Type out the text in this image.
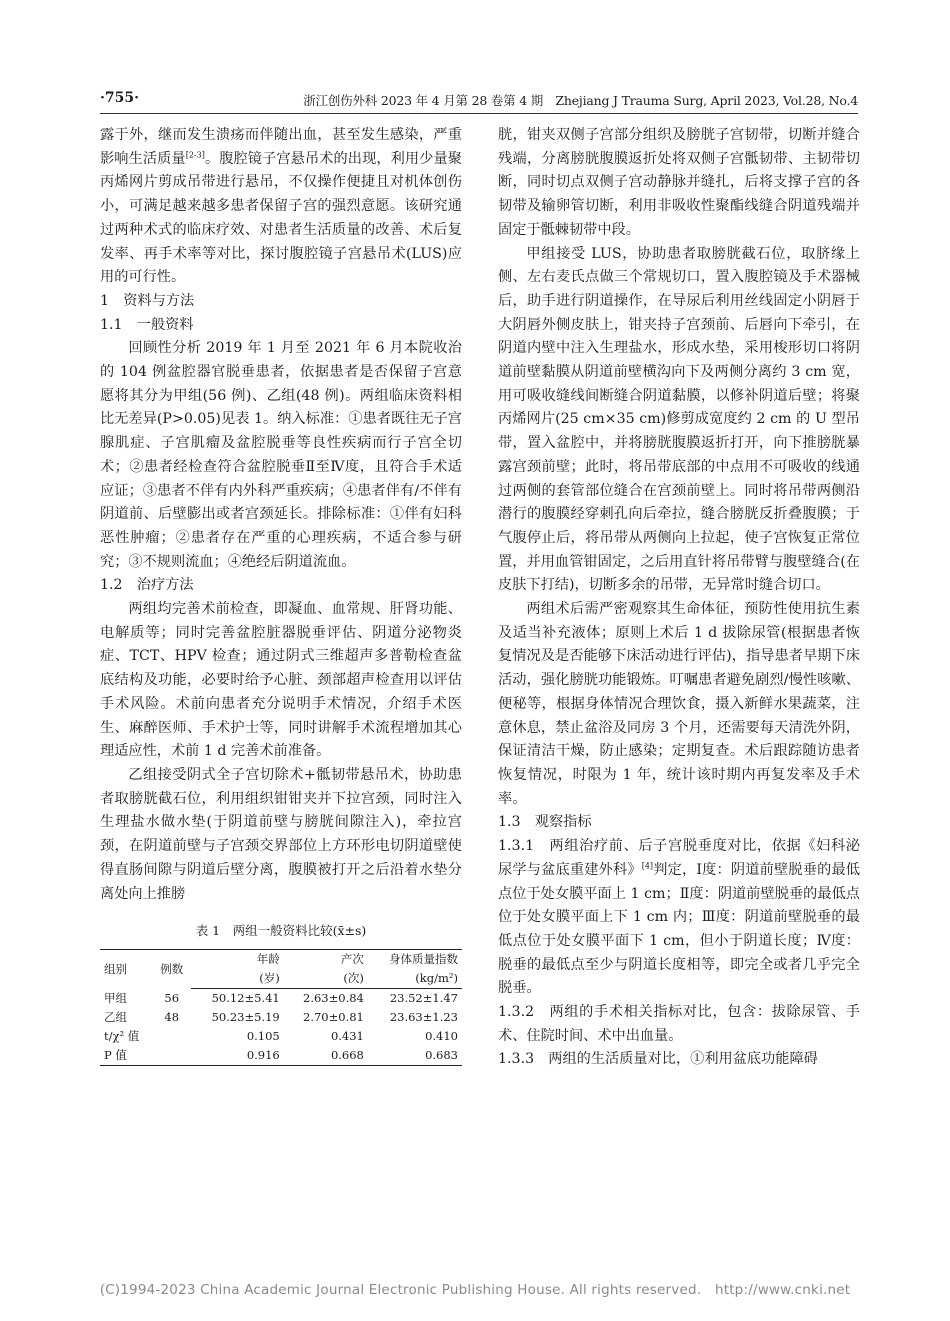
·755·	浙江创伤外科 2023 年 4 月第 28 卷第 4 期　Zhejiang J Trauma Surg, April 2023, Vol.28, No.4

露于外，继而发生溃疡而伴随出血，甚至发生感染，严重影响生活质量[2-3]。腹腔镜子宫悬吊术的出现，利用少量聚丙烯网片剪成吊带进行悬吊，不仅操作便捷且对机体创伤小，可满足越来越多患者保留子宫的强烈意愿。该研究通过两种术式的临床疗效、对患者生活质量的改善、术后复发率、再手术率等对比，探讨腹腔镜子宫悬吊术(LUS)应用的可行性。

1　资料与方法

1.1　一般资料

回顾性分析 2019 年 1 月至 2021 年 6 月本院收治的 104 例盆腔器官脱垂患者，依据患者是否保留子宫意愿将其分为甲组(56 例)、乙组(48 例)。两组临床资料相比无差异(P>0.05)见表 1。纳入标准：①患者既往无子宫腺肌症、子宫肌瘤及盆腔脱垂等良性疾病而行子宫全切术；②患者经检查符合盆腔脱垂Ⅱ至Ⅳ度，且符合手术适应证；③患者不伴有内外科严重疾病；④患者伴有/不伴有阴道前、后壁膨出或者宫颈延长。排除标准：①伴有妇科恶性肿瘤；②患者存在严重的心理疾病，不适合参与研究；③不规则流血；④绝经后阴道流血。

1.2　治疗方法

两组均完善术前检查，即凝血、血常规、肝肾功能、电解质等；同时完善盆腔脏器脱垂评估、阴道分泌物炎症、TCT、HPV 检查；通过阴式三维超声多普勒检查盆底结构及功能，必要时给予心脏、颈部超声检查用以评估手术风险。术前向患者充分说明手术情况，介绍手术医生、麻醉医师、手术护士等，同时讲解手术流程增加其心理适应性，术前 1 d 完善术前准备。

乙组接受阴式全子宫切除术+骶韧带悬吊术，协助患者取膀胱截石位，利用组织钳钳夹并下拉宫颈，同时注入生理盐水做水垫(于阴道前壁与膀胱间隙注入)，牵拉宫颈，在阴道前壁与子宫颈交界部位上方环形电切阴道壁使得直肠间隙与阴道后壁分离，腹膜被打开之后沿着水垫分离处向上推膀

表 1　两组一般资料比较(x̄±s)
组别	例数	年龄	产次	身体质量指数
		(岁)	(次)	(kg/m²)
甲组	56	50.12±5.41	2.63±0.84	23.52±1.47
乙组	48	50.23±5.19	2.70±0.81	23.63±1.23
t/χ² 值		0.105	0.431	0.410
P 值		0.916	0.668	0.683

胱，钳夹双侧子宫部分组织及膀胱子宫韧带，切断并缝合残端，分离膀胱腹膜返折处将双侧子宫骶韧带、主韧带切断，同时切点双侧子宫动静脉并缝扎，后将支撑子宫的各韧带及输卵管切断，利用非吸收性聚酯线缝合阴道残端并固定于骶棘韧带中段。

甲组接受 LUS，协助患者取膀胱截石位，取脐缘上侧、左右麦氏点做三个常规切口，置入腹腔镜及手术器械后，助手进行阴道操作，在导尿后利用丝线固定小阴唇于大阴唇外侧皮肤上，钳夹持子宫颈前、后唇向下牵引，在阴道内壁中注入生理盐水，形成水垫，采用梭形切口将阴道前壁黏膜从阴道前壁横沟向下及两侧分离约 3 cm 宽，用可吸收缝线间断缝合阴道黏膜，以修补阴道后壁；将聚丙烯网片(25 cm×35 cm)修剪成宽度约 2 cm 的 U 型吊带，置入盆腔中，并将膀胱腹膜返折打开，向下推膀胱暴露宫颈前壁；此时，将吊带底部的中点用不可吸收的线通过两侧的套管部位缝合在宫颈前壁上。同时将吊带两侧沿潜行的腹膜经穿刺孔向后牵拉，缝合膀胱反折叠腹膜；于气腹停止后，将吊带从两侧向上拉起，使子宫恢复正常位置，并用血管钳固定，之后用直针将吊带臂与腹壁缝合(在皮肤下打结)，切断多余的吊带，无异常时缝合切口。

两组术后需严密观察其生命体征，预防性使用抗生素及适当补充液体；原则上术后 1 d 拔除尿管(根据患者恢复情况及是否能够下床活动进行评估)，指导患者早期下床活动，强化膀胱功能锻炼。叮嘱患者避免剧烈/慢性咳嗽、便秘等，根据身体情况合理饮食，摄入新鲜水果蔬菜，注意休息，禁止盆浴及同房 3 个月，还需要每天清洗外阴，保证清洁干燥，防止感染；定期复查。术后跟踪随访患者恢复情况，时限为 1 年，统计该时期内再复发率及手术率。

1.3　观察指标

1.3.1　两组治疗前、后子宫脱垂度对比，依据《妇科泌尿学与盆底重建外科》[4]判定，Ⅰ度：阴道前壁脱垂的最低点位于处女膜平面上 1 cm；Ⅱ度：阴道前壁脱垂的最低点位于处女膜平面上下 1 cm 内；Ⅲ度：阴道前壁脱垂的最低点位于处女膜平面下 1 cm，但小于阴道长度；Ⅳ度：脱垂的最低点至少与阴道长度相等，即完全或者几乎完全脱垂。

1.3.2　两组的手术相关指标对比，包含：拔除尿管、手术、住院时间、术中出血量。

1.3.3　两组的生活质量对比，①利用盆底功能障碍

(C)1994-2023 China Academic Journal Electronic Publishing House. All rights reserved.　http://www.cnki.net
